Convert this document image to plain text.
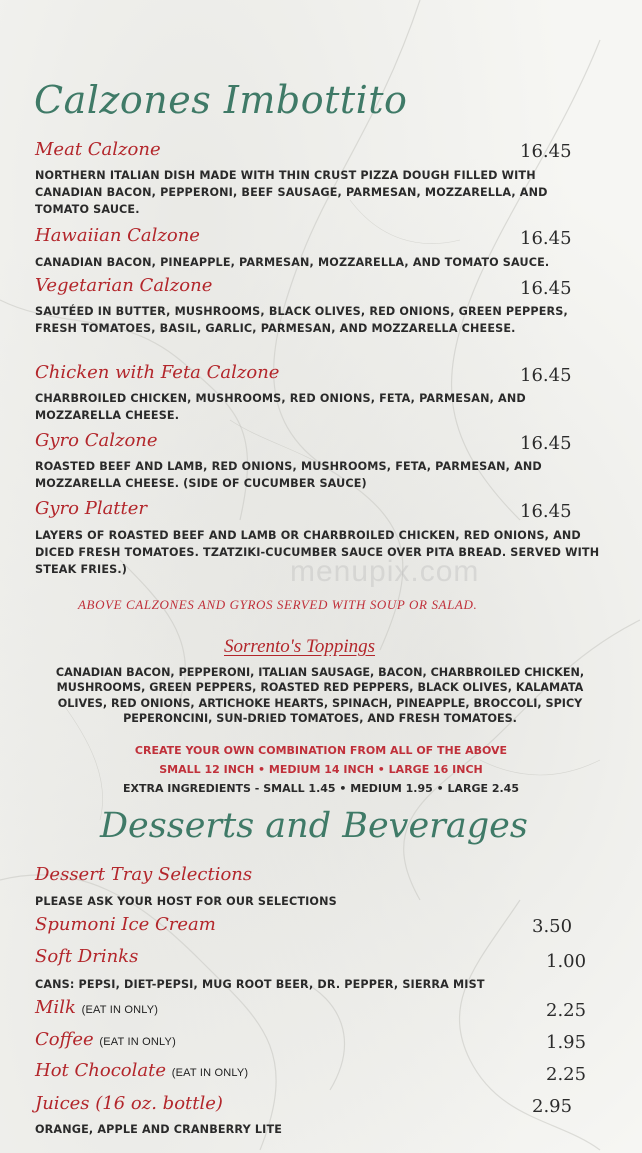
Calzones Imbottito
Meat Calzone	16.45
NORTHERN ITALIAN DISH MADE WITH THIN CRUST PIZZA DOUGH FILLED WITH CANADIAN BACON, PEPPERONI, BEEF SAUSAGE, PARMESAN, MOZZARELLA, AND TOMATO SAUCE.
Hawaiian Calzone	16.45
CANADIAN BACON, PINEAPPLE, PARMESAN, MOZZARELLA, AND TOMATO SAUCE.
Vegetarian Calzone	16.45
SAUTÉED IN BUTTER, MUSHROOMS, BLACK OLIVES, RED ONIONS, GREEN PEPPERS, FRESH TOMATOES, BASIL, GARLIC, PARMESAN, AND MOZZARELLA CHEESE.
Chicken with Feta Calzone	16.45
CHARBROILED CHICKEN, MUSHROOMS, RED ONIONS, FETA, PARMESAN, AND MOZZARELLA CHEESE.
Gyro Calzone	16.45
ROASTED BEEF AND LAMB, RED ONIONS, MUSHROOMS, FETA, PARMESAN, AND MOZZARELLA CHEESE. (SIDE OF CUCUMBER SAUCE)
Gyro Platter	16.45
LAYERS OF ROASTED BEEF AND LAMB OR CHARBROILED CHICKEN, RED ONIONS, AND DICED FRESH TOMATOES. TZATZIKI-CUCUMBER SAUCE OVER PITA BREAD. SERVED WITH STEAK FRIES.)	menupix.com
ABOVE CALZONES AND GYROS SERVED WITH SOUP OR SALAD.
Sorrento's Toppings
CANADIAN BACON, PEPPERONI, ITALIAN SAUSAGE, BACON, CHARBROILED CHICKEN, MUSHROOMS, GREEN PEPPERS, ROASTED RED PEPPERS, BLACK OLIVES, KALAMATA OLIVES, RED ONIONS, ARTICHOKE HEARTS, SPINACH, PINEAPPLE, BROCCOLI, SPICY PEPERONCINI, SUN-DRIED TOMATOES, AND FRESH TOMATOES.
CREATE YOUR OWN COMBINATION FROM ALL OF THE ABOVE
SMALL 12 INCH • MEDIUM 14 INCH • LARGE 16 INCH
EXTRA INGREDIENTS - SMALL 1.45 • MEDIUM 1.95 • LARGE 2.45
Desserts and Beverages
Dessert Tray Selections
PLEASE ASK YOUR HOST FOR OUR SELECTIONS
Spumoni Ice Cream	3.50
Soft Drinks	1.00
CANS: PEPSI, DIET-PEPSI, MUG ROOT BEER, DR. PEPPER, SIERRA MIST
Milk (EAT IN ONLY)	2.25
Coffee (EAT IN ONLY)	1.95
Hot Chocolate (EAT IN ONLY)	2.25
Juices (16 oz. bottle)	2.95
ORANGE, APPLE AND CRANBERRY LITE
